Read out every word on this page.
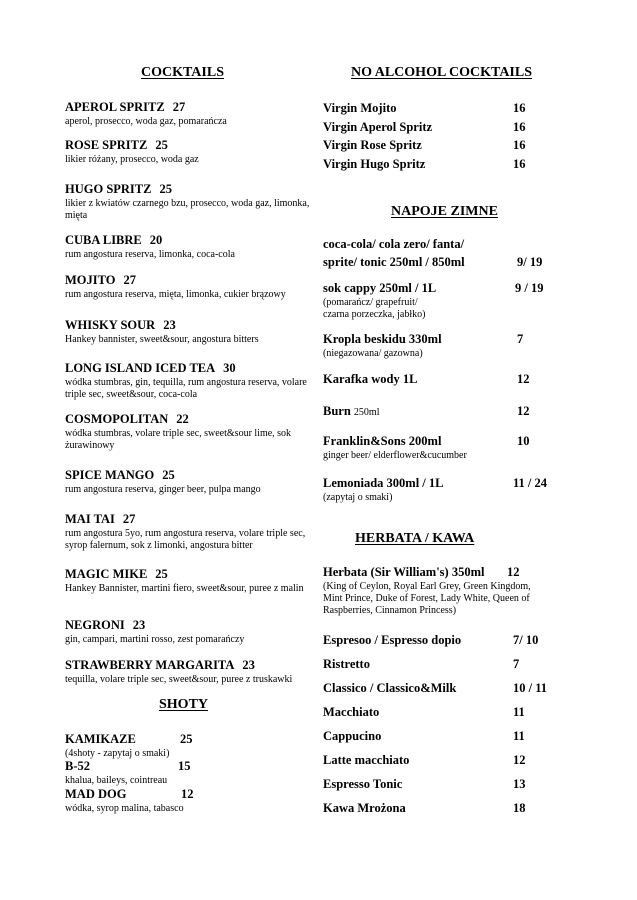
COCKTAILS
APEROL SPRITZ 27
aperol, prosecco, woda gaz, pomarańcza
ROSE SPRITZ 25
likier różany, prosecco, woda gaz
HUGO SPRITZ 25
likier z kwiatów czarnego bzu, prosecco, woda gaz, limonka, mięta
CUBA LIBRE 20
rum angostura reserva, limonka, coca-cola
MOJITO 27
rum angostura reserva, mięta, limonka, cukier brązowy
WHISKY SOUR 23
Hankey bannister, sweet&sour, angostura bitters
LONG ISLAND ICED TEA 30
wódka stumbras, gin, tequilla, rum angostura reserva, volare triple sec, sweet&sour, coca-cola
COSMOPOLITAN 22
wódka stumbras, volare triple sec, sweet&sour lime, sok żurawinowy
SPICE MANGO 25
rum angostura reserva, ginger beer, pulpa mango
MAI TAI 27
rum angostura 5yo, rum angostura reserva, volare triple sec, syrop falernum, sok z limonki, angostura bitter
MAGIC MIKE 25
Hankey Bannister, martini fiero, sweet&sour, puree z malin
NEGRONI 23
gin, campari, martini rosso, zest pomarańczy
STRAWBERRY MARGARITA 23
tequilla, volare triple sec, sweet&sour, puree z truskawki
SHOTY
KAMIKAZE	25
(4shoty - zapytaj o smaki)
B-52	15
khalua, baileys, cointreau
MAD DOG	12
wódka, syrop malina, tabasco
NO ALCOHOL COCKTAILS
Virgin Mojito	16
Virgin Aperol Spritz	16
Virgin Rose Spritz	16
Virgin Hugo Spritz	16
NAPOJE ZIMNE
coca-cola/ cola zero/ fanta/
sprite/ tonic 250ml / 850ml	9/ 19
sok cappy 250ml / 1L	9 / 19
(pomarańcz/ grapefruit/ czarna porzeczka, jabłko)
Kropla beskidu 330ml	7
(niegazowana/ gazowna)
Karafka wody 1L	12
Burn 250ml	12
Franklin&Sons 200ml	10
ginger beer/ elderflower&cucumber
Lemoniada 300ml / 1L	11 / 24
(zapytaj o smaki)
HERBATA / KAWA
Herbata (Sir William's) 350ml 12
(King of Ceylon, Royal Earl Grey, Green Kingdom, Mint Prince, Duke of Forest, Lady White, Queen of Raspberries, Cinnamon Princess)
Espresoo / Espresso dopio	7/ 10
Ristretto	7
Classico / Classico&Milk	10 / 11
Macchiato	11
Cappucino	11
Latte macchiato	12
Espresso Tonic	13
Kawa Mrożona	18
